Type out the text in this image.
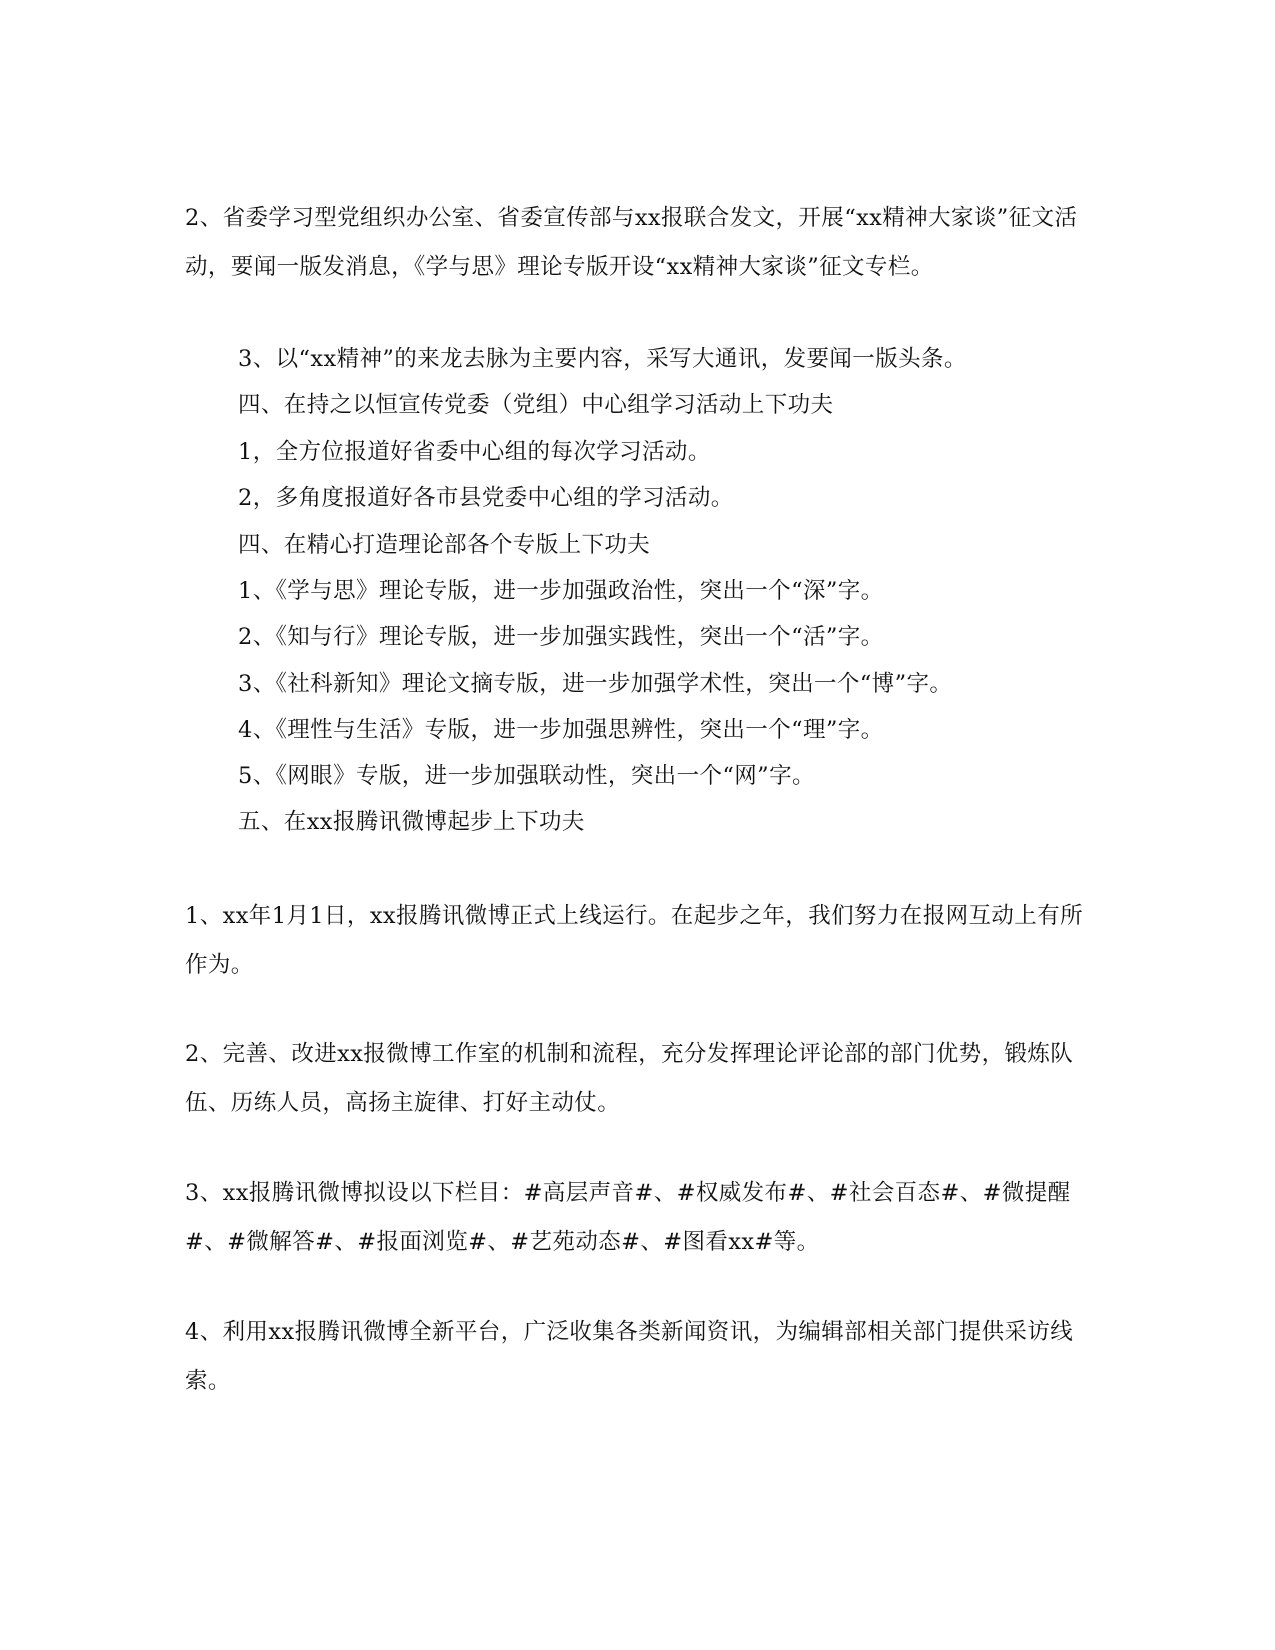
2、省委学习型党组织办公室、省委宣传部与xx报联合发文，开展“xx精神大家谈”征文活动，要闻一版发消息，《学与思》理论专版开设“xx精神大家谈”征文专栏。

3、以“xx精神”的来龙去脉为主要内容，采写大通讯，发要闻一版头条。

四、在持之以恒宣传党委（党组）中心组学习活动上下功夫

1，全方位报道好省委中心组的每次学习活动。

2，多角度报道好各市县党委中心组的学习活动。

四、在精心打造理论部各个专版上下功夫

1、《学与思》理论专版，进一步加强政治性，突出一个“深”字。

2、《知与行》理论专版，进一步加强实践性，突出一个“活”字。

3、《社科新知》理论文摘专版，进一步加强学术性，突出一个“博”字。

4、《理性与生活》专版，进一步加强思辨性，突出一个“理”字。

5、《网眼》专版，进一步加强联动性，突出一个“网”字。

五、在xx报腾讯微博起步上下功夫

1、xx年1月1日，xx报腾讯微博正式上线运行。在起步之年，我们努力在报网互动上有所作为。

2、完善、改进xx报微博工作室的机制和流程，充分发挥理论评论部的部门优势，锻炼队伍、历练人员，高扬主旋律、打好主动仗。

3、xx报腾讯微博拟设以下栏目：#高层声音#、#权威发布#、#社会百态#、#微提醒#、#微解答#、#报面浏览#、#艺苑动态#、#图看xx#等。

4、利用xx报腾讯微博全新平台，广泛收集各类新闻资讯，为编辑部相关部门提供采访线索。
